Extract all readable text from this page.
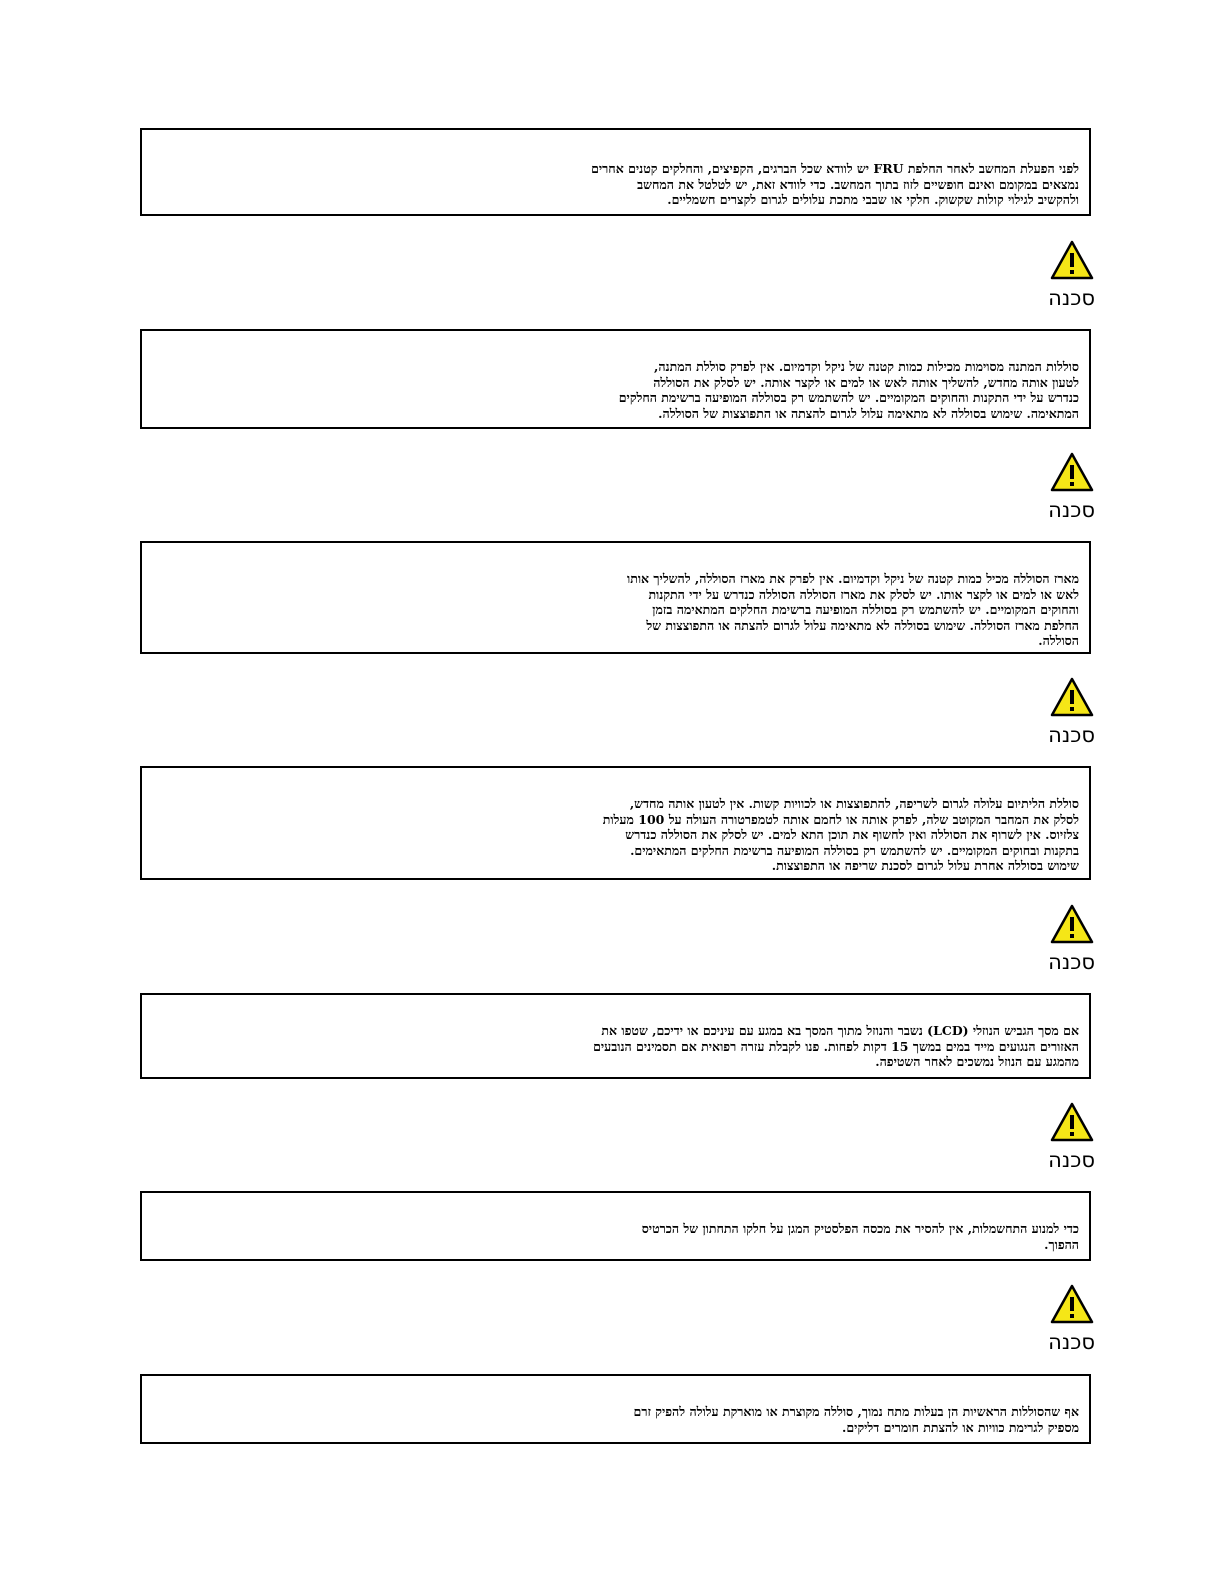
לפני הפעלת המחשב לאחר החלפת FRU יש לוודא שכל הברגים, הקפיצים, והחלקים קטנים אחרים
נמצאים במקומם ואינם חופשיים לזוז בתוך המחשב. כדי לוודא זאת, יש לטלטל את המחשב
ולהקשיב לגילוי קולות שקשוק. חלקי או שבבי מתכת עלולים לגרום לקצרים חשמליים.

סכנה

סוללות המתנה מסוימות מכילות כמות קטנה של ניקל וקדמיום. אין לפרק סוללת המתנה,
לטעון אותה מחדש, להשליך אותה לאש או למים או לקצר אותה. יש לסלק את הסוללה
כנדרש על ידי התקנות והחוקים המקומיים. יש להשתמש רק בסוללה המופיעה ברשימת החלקים
המתאימה. שימוש בסוללה לא מתאימה עלול לגרום להצתה או התפוצצות של הסוללה.

סכנה

מארז הסוללה מכיל כמות קטנה של ניקל וקדמיום. אין לפרק את מארז הסוללה, להשליך אותו
לאש או למים או לקצר אותו. יש לסלק את מארז הסוללה הסוללה כנדרש על ידי התקנות
והחוקים המקומיים. יש להשתמש רק בסוללה המופיעה ברשימת החלקים המתאימה בזמן
החלפת מארז הסוללה. שימוש בסוללה לא מתאימה עלול לגרום להצתה או התפוצצות של
הסוללה.

סכנה

סוללת הליתיום עלולה לגרום לשריפה, להתפוצצות או לכוויות קשות. אין לטעון אותה מחדש,
לסלק את המחבר המקוטב שלה, לפרק אותה או לחמם אותה לטמפרטורה העולה על 100 מעלות
צלזיוס. אין לשרוף את הסוללה ואין לחשוף את תוכן התא למים. יש לסלק את הסוללה כנדרש
בתקנות ובחוקים המקומיים. יש להשתמש רק בסוללה המופיעה ברשימת החלקים המתאימים.
שימוש בסוללה אחרת עלול לגרום לסכנת שריפה או התפוצצות.

סכנה

אם מסך הגביש הנוזלי (LCD) נשבר והנוזל מתוך המסך בא במגע עם עיניכם או ידיכם, שטפו את
האזורים הנגועים מייד במים במשך 15 דקות לפחות. פנו לקבלת עזרה רפואית אם תסמינים הנובעים
מהמגע עם הנוזל נמשכים לאחר השטיפה.

סכנה

כדי למנוע התחשמלות, אין להסיר את מכסה הפלסטיק המגן על חלקו התחתון של הכרטיס
ההפוך.

סכנה

אף שהסוללות הראשיות הן בעלות מתח נמוך, סוללה מקוצרת או מוארקת עלולה להפיק זרם
מספיק לגרימת כוויות או להצתת חומרים דליקים.
